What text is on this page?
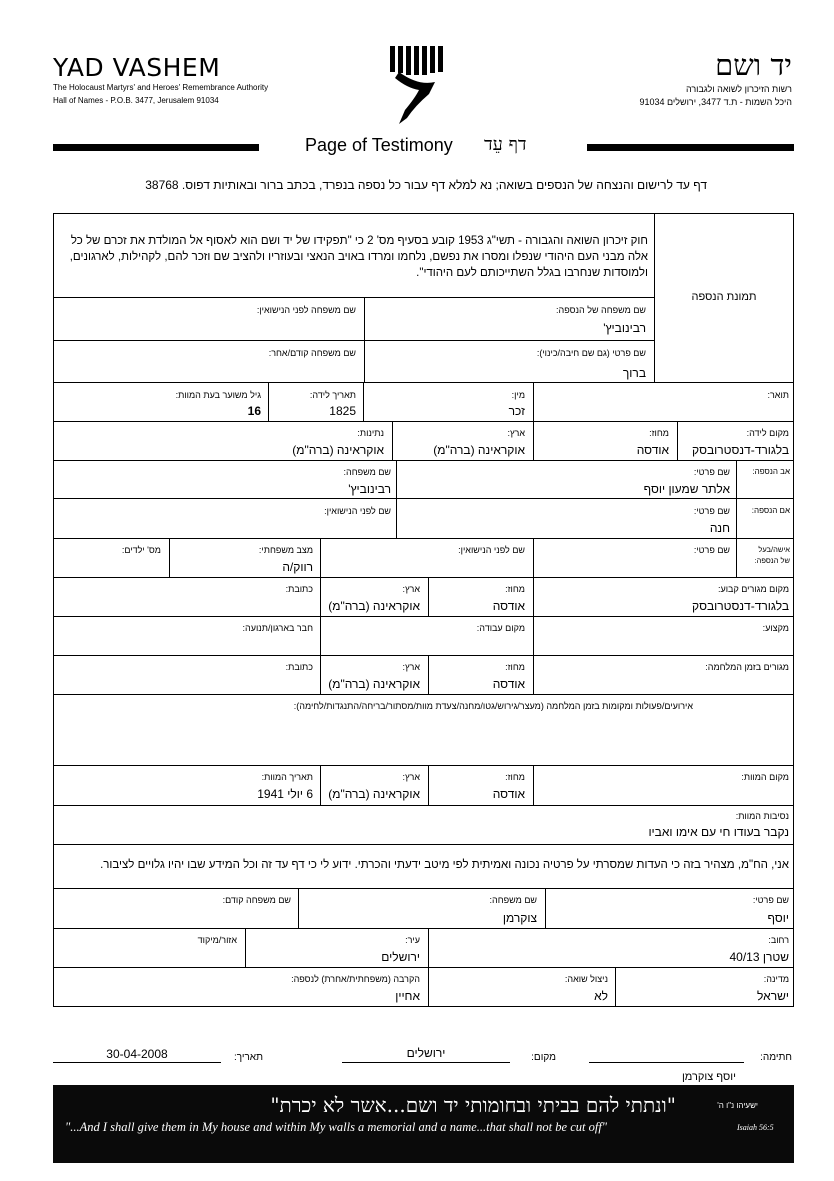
YAD VASHEM
The Holocaust Martyrs' and Heroes' Remembrance Authority
Hall of Names - P.O.B. 3477, Jerusalem 91034
יד ושם
רשות הזיכרון לשואה ולגבורה
היכל השמות - ת.ד 3477, ירושלים 91034
Page of Testimony דף עֵד
דף עד לרישום והנצחה של הנספים בשואה; נא למלא דף עבור כל נספה בנפרד, בכתב ברור ובאותיות דפוס. 38768
חוק זיכרון השואה והגבורה - תשי"ג 1953 קובע בסעיף מס' 2 כי "תפקידו של יד ושם הוא לאסוף אל המולדת את זכרם של כל אלה מבני העם היהודי שנפלו ומסרו את נפשם, נלחמו ומרדו באויב הנאצי ובעוזריו ולהציב שם וזכר להם, לקהילות, לארגונים, ולמוסדות שנחרבו בגלל השתייכותם לעם היהודי".
תמונת הנספה
שם משפחה של הנספה:
רבינוביץ'
שם משפחה לפני הנישואין:
שם פרטי (גם שם חיבה/כינוי):
ברוך
שם משפחה קודם/אחר:
תואר:
מין:
זכר
תאריך לידה:
1825
גיל משוער בעת המוות:
16
מקום לידה:
בלגורד-דנסטרובסק
מחוז:
אודסה
ארץ:
אוקראינה (ברה"מ)
נתינות:
אוקראינה (ברה"מ)
אב הנספה:
שם פרטי:
אלתר שמעון יוסף
שם משפחה:
רבינוביץ'
אם הנספה:
שם פרטי:
חנה
שם לפני הנישואין:
אישה/בעל
של הנספה:
שם פרטי:
שם לפני הנישואין:
מצב משפחתי:
רווק/ה
מס' ילדים:
מקום מגורים קבוע:
בלגורד-דנסטרובסק
מחוז:
אודסה
ארץ:
אוקראינה (ברה"מ)
כתובת:
מקצוע:
מקום עבודה:
חבר בארגון/תנועה:
מגורים בזמן המלחמה:
מחוז:
אודסה
ארץ:
אוקראינה (ברה"מ)
כתובת:
אירועים/פעולות ומקומות בזמן המלחמה (מעצר/גירוש/גטו/מחנה/צעדת מוות/מסתור/בריחה/התנגדות/לחימה):
מקום המוות:
מחוז:
אודסה
ארץ:
אוקראינה (ברה"מ)
תאריך המוות:
6 יולי 1941
נסיבות המוות:
נקבר בעודו חי עם אימו ואביו
אני, הח"מ, מצהיר בזה כי העדות שמסרתי על פרטיה נכונה ואמיתית לפי מיטב ידעתי והכרתי. ידוע לי כי דף עד זה וכל המידע שבו יהיו גלויים לציבור.
שם פרטי:
יוסף
שם משפחה:
צוקרמן
שם משפחה קודם:
רחוב:
שטרן 40/13
עיר:
ירושלים
אזור/מיקוד
מדינה:
ישראל
ניצול שואה:
לא
הקרבה (משפחתית/אחרת) לנספה:
אחיין
חתימה:
יוסף צוקרמן
מקום:
ירושלים
תאריך:
30-04-2008
"ונתתי להם בביתי ובחומותי יד ושם...אשר לא יכרת"	ישעיהו נ"ו ה'
"...And I shall give them in My house and within My walls a memorial and a name...that shall not be cut off"	Isaiah 56:5
